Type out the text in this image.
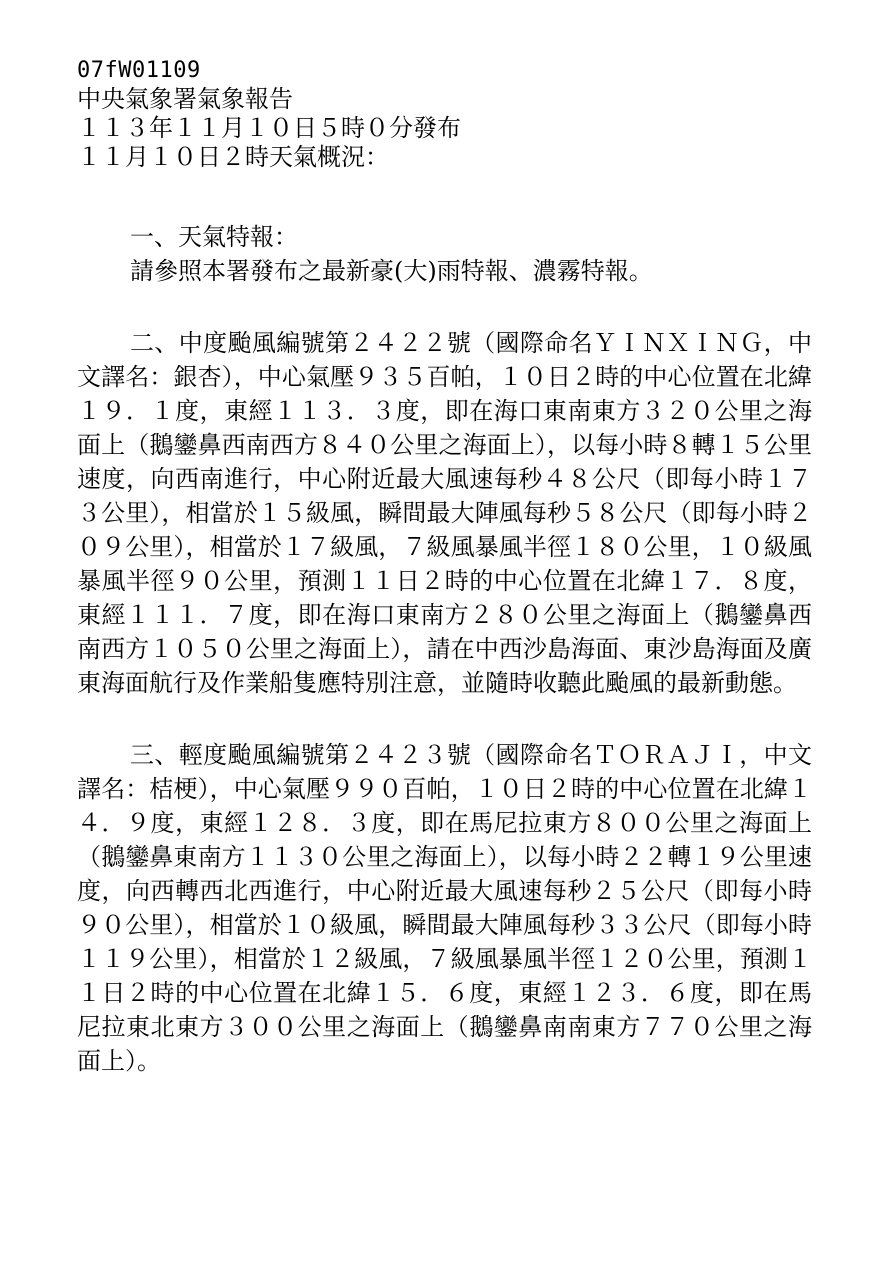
07fW01109

中央氣象署氣象報告

１１３年１１月１０日５時０分發布

１１月１０日２時天氣概況：

一、天氣特報：

請參照本署發布之最新豪(大)雨特報、濃霧特報。

二、中度颱風編號第２４２２號（國際命名ＹＩＮＸＩＮＧ，中文譯名：銀杏），中心氣壓９３５百帕，１０日２時的中心位置在北緯１９．１度，東經１１３．３度，即在海口東南東方３２０公里之海面上（鵝鑾鼻西南西方８４０公里之海面上），以每小時８轉１５公里速度，向西南進行，中心附近最大風速每秒４８公尺（即每小時１７３公里），相當於１５級風，瞬間最大陣風每秒５８公尺（即每小時２０９公里），相當於１７級風，７級風暴風半徑１８０公里，１０級風暴風半徑９０公里，預測１１日２時的中心位置在北緯１７．８度，東經１１１．７度，即在海口東南方２８０公里之海面上（鵝鑾鼻西南西方１０５０公里之海面上），請在中西沙島海面、東沙島海面及廣東海面航行及作業船隻應特別注意，並隨時收聽此颱風的最新動態。

三、輕度颱風編號第２４２３號（國際命名ＴＯＲＡＪＩ，中文譯名：桔梗），中心氣壓９９０百帕，１０日２時的中心位置在北緯１４．９度，東經１２８．３度，即在馬尼拉東方８００公里之海面上（鵝鑾鼻東南方１１３０公里之海面上），以每小時２２轉１９公里速度，向西轉西北西進行，中心附近最大風速每秒２５公尺（即每小時９０公里），相當於１０級風，瞬間最大陣風每秒３３公尺（即每小時１１９公里），相當於１２級風，７級風暴風半徑１２０公里，預測１１日２時的中心位置在北緯１５．６度，東經１２３．６度，即在馬尼拉東北東方３００公里之海面上（鵝鑾鼻南南東方７７０公里之海面上）。
